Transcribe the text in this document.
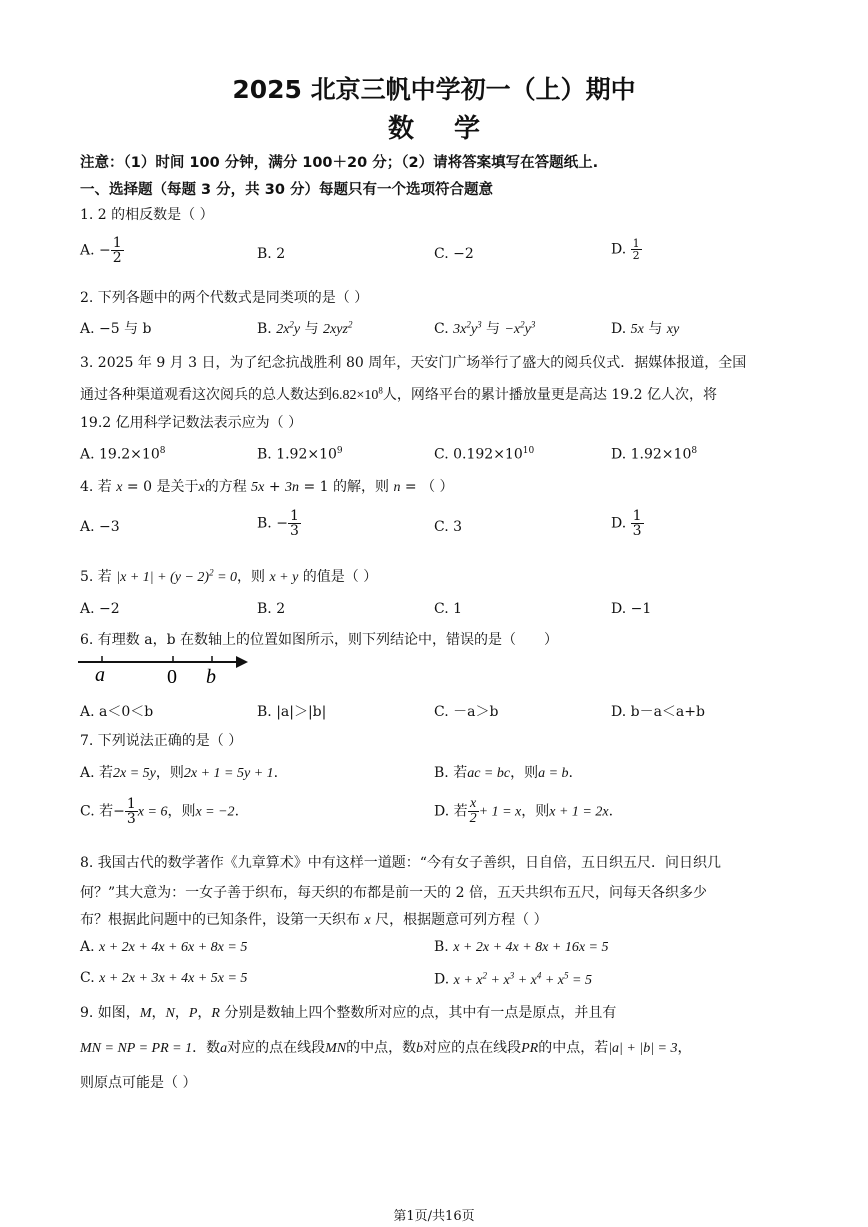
2025 北京三帆中学初一（上）期中
数学
注意：（1）时间 100 分钟，满分 100＋20 分；（2）请将答案填写在答题纸上.
一、选择题（每题 3 分，共 30 分）每题只有一个选项符合题意
1. 2 的相反数是（ ）
A. − $\frac{1}{2}$	B. 2	C. −2	D. $\frac{1}{2}$
2. 下列各题中的两个代数式是同类项的是（ ）
A. −5 与 b	B. $2x^2y$ 与 2xyz$^2$	C. $3x^2y^3$ 与 $-x^2y^3$	D. 5x 与 xy
3. 2025 年 9 月 3 日，为了纪念抗战胜利 80 周年，天安门广场举行了盛大的阅兵仪式．据媒体报道，全国
通过各种渠道观看这次阅兵的总人数达到$6.82\times 10^8$人，网络平台的累计播放量更是高达 19.2 亿人次，将
19.2 亿用科学记数法表示应为（ ）
A. $19.2\times 10^8$	B. $1.92\times 10^9$	C. $0.192\times 10^{10}$	D. $1.92\times 10^8$
4. 若 x = 0 是关于x的方程 5x + 3n = 1 的解，则 n = （ ）
A. −3	B. − $\frac{1}{3}$	C. 3	D. $\frac{1}{3}$
5. 若 $|x + 1| + (y - 2)^2 = 0$，则 x + y 的值是（ ）
A. −2	B. 2	C. 1	D. −1
6. 有理数 a，b 在数轴上的位置如图所示，则下列结论中，错误的是（　　）
a	0 b
A. a＜0＜b	B. |a|＞|b|	C. －a＞b	D. b－a＜a+b
7. 下列说法正确的是（ ）
A. 若2x = 5y，则2x + 1 = 5y + 1.	B. 若ac = bc，则a = b.
C. 若− $\frac{1}{3}$ x = 6，则x = −2.	D. 若 $\frac{x}{2} + 1 = x$，则x + 1 = 2x.
8. 我国古代的数学著作《九章算术》中有这样一道题：“今有女子善织，日自倍，五日织五尺．问日织几
何？”其大意为：一女子善于织布，每天织的布都是前一天的 2 倍，五天共织布五尺，问每天各织多少
布？根据此问题中的已知条件，设第一天织布 x 尺，根据题意可列方程（ ）
A. x + 2x + 4x + 6x + 8x = 5	B. x + 2x + 4x + 8x + 16x = 5
C. x + 2x + 3x + 4x + 5x = 5	D. $x + x^2 + x^3 + x^4 + x^5 = 5$
9. 如图，M，N，P，R 分别是数轴上四个整数所对应的点，其中有一点是原点，并且有
MN = NP = PR = 1．数a对应的点在线段MN的中点，数b对应的点在线段PR的中点，若|a| + |b| = 3，
则原点可能是（ ）
第1页/共16页
